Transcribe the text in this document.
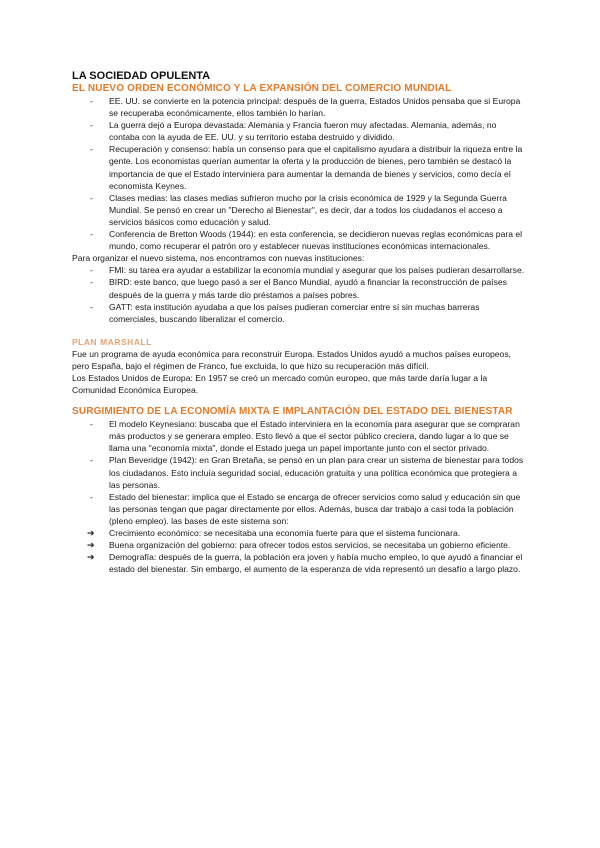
LA SOCIEDAD OPULENTA
EL NUEVO ORDEN ECONÓMICO Y LA EXPANSIÓN DEL COMERCIO MUNDIAL
-	EE. UU. se convierte en la potencia principal: después de la guerra, Estados Unidos pensaba que si Europa se recuperaba económicamente, ellos también lo harían.
-	La guerra dejó a Europa devastada: Alemania y Francia fueron muy afectadas. Alemania, además, no contaba con la ayuda de EE. UU. y su territorio estaba destruido y dividido.
-	Recuperación y consenso: había un consenso para que el capitalismo ayudara a distribuir la riqueza entre la gente. Los economistas querían aumentar la oferta y la producción de bienes, pero también se destacó la importancia de que el Estado interviniera para aumentar la demanda de bienes y servicios, como decía el economista Keynes.
-	Clases medias: las clases medias sufrieron mucho por la crisis económica de 1929 y la Segunda Guerra Mundial. Se pensó en crear un "Derecho al Bienestar", es decir, dar a todos los ciudadanos el acceso a servicios básicos como educación y salud.
-	Conferencia de Bretton Woods (1944): en esta conferencia, se decidieron nuevas reglas económicas para el mundo, como recuperar el patrón oro y establecer nuevas instituciones económicas internacionales.

Para organizar el nuevo sistema, nos encontramos con nuevas instituciones:

-	FMI: su tarea era ayudar a estabilizar la economía mundial y asegurar que los países pudieran desarrollarse.
-	BIRD: este banco, que luego pasó a ser el Banco Mundial, ayudó a financiar la reconstrucción de países después de la guerra y más tarde dio préstamos a países pobres.
-	GATT: esta institución ayudaba a que los países pudieran comerciar entre sí sin muchas barreras comerciales, buscando liberalizar el comercio.
PLAN MARSHALL

Fue un programa de ayuda económica para reconstruir Europa. Estados Unidos ayudó a muchos países europeos, pero España, bajo el régimen de Franco, fue excluida, lo que hizo su recuperación más difícil.

Los Estados Unidos de Europa: En 1957 se creó un mercado común europeo, que más tarde daría lugar a la Comunidad Económica Europea.

SURGIMIENTO DE LA ECONOMÍA MIXTA E IMPLANTACIÓN DEL ESTADO DEL BIENESTAR
-	El modelo Keynesiano: buscaba que el Estado interviniera en la economía para asegurar que se compraran más productos y se generara empleo. Esto llevó a que el sector público creciera, dando lugar a lo que se llama una "economía mixta", donde el Estado juega un papel importante junto con el sector privado.
-	Plan Beveridge (1942): en Gran Bretaña, se pensó en un plan para crear un sistema de bienestar para todos los ciudadanos. Esto incluía seguridad social, educación gratuita y una política económica que protegiera a las personas.
-	Estado del bienestar: implica que el Estado se encarga de ofrecer servicios como salud y educación sin que las personas tengan que pagar directamente por ellos. Además, busca dar trabajo a casi toda la población (pleno empleo). las bases de este sistema son:
➔	Crecimiento económico: se necesitaba una economía fuerte para que el sistema funcionara.
➔	Buena organización del gobierno: para ofrecer todos estos servicios, se necesitaba un gobierno eficiente.
➔	Demografía: después de la guerra, la población era joven y había mucho empleo, lo que ayudó a financiar el estado del bienestar. Sin embargo, el aumento de la esperanza de vida representó un desafío a largo plazo.
